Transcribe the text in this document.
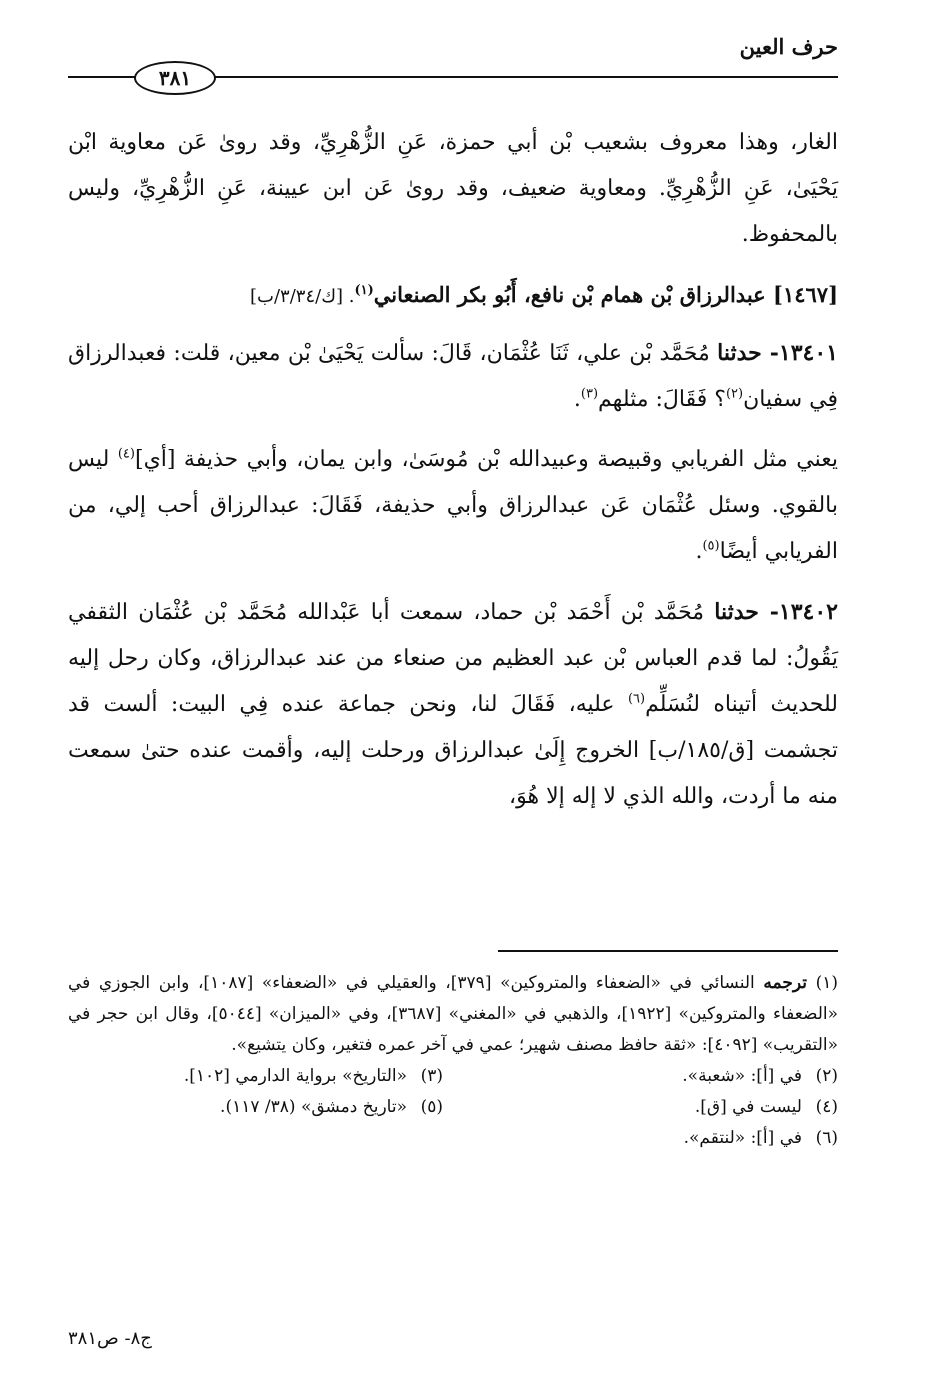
حرف العين
٣٨١

الغار، وهذا معروف بشعيب بْن أبي حمزة، عَنِ الزُّهْرِيِّ، وقد روىٰ عَن معاوية ابْن يَحْيَىٰ، عَنِ الزُّهْرِيِّ. ومعاوية ضعيف، وقد روىٰ عَن ابن عيينة، عَنِ الزُّهْرِيِّ، وليس بالمحفوظ.

[١٤٦٧] عبدالرزاق بْن همام بْن نافع، أَبُو بكر الصنعاني$^{(١)}$. [ك/٣/٣٤/ب]

١٣٤٠١- حدثنا مُحَمَّد بْن علي، ثَنَا عُثْمَان، قَالَ: سألت يَحْيَىٰ بْن معين، قلت: فعبدالرزاق فِي سفيان$^{(٢)}$؟ فَقَالَ: مثلهم$^{(٣)}$.

يعني مثل الفريابي وقبيصة وعبيدالله بْن مُوسَىٰ، وابن يمان، وأبي حذيفة [أي]$^{(٤)}$ ليس بالقوي. وسئل عُثْمَان عَن عبدالرزاق وأبي حذيفة، فَقَالَ: عبدالرزاق أحب إلي، من الفريابي أيضًا$^{(٥)}$.

١٣٤٠٢- حدثنا مُحَمَّد بْن أَحْمَد بْن حماد، سمعت أبا عَبْدالله مُحَمَّد بْن عُثْمَان الثقفي يَقُولُ: لما قدم العباس بْن عبد العظيم من صنعاء من عند عبدالرزاق، وكان رحل إليه للحديث أتيناه لنُسَلِّم$^{(٦)}$ عليه، فَقَالَ لنا، ونحن جماعة عنده فِي البيت: ألست قد تجشمت [ق/١٨٥/ب] الخروج إِلَىٰ عبدالرزاق ورحلت إليه، وأقمت عنده حتىٰ سمعت منه ما أردت، والله الذي لا إله إلا هُوَ،

(١) ترجمه النسائي في «الضعفاء والمتروكين» [٣٧٩]، والعقيلي في «الضعفاء» [١٠٨٧]، وابن الجوزي في «الضعفاء والمتروكين» [١٩٢٢]، والذهبي في «المغني» [٣٦٨٧]، وفي «الميزان» [٥٠٤٤]، وقال ابن حجر في «التقريب» [٤٠٩٢]: «ثقة حافظ مصنف شهير؛ عمي في آخر عمره فتغير، وكان يتشيع».

(٢)في [أ]: «شعبة».

(٣)«التاريخ» برواية الدارمي [١٠٢].

(٤)ليست في [ق].

(٥)«تاريخ دمشق» (٣٨/ ١١٧).

(٦)في [أ]: «لنتقم».

ج٨- ص٣٨١
